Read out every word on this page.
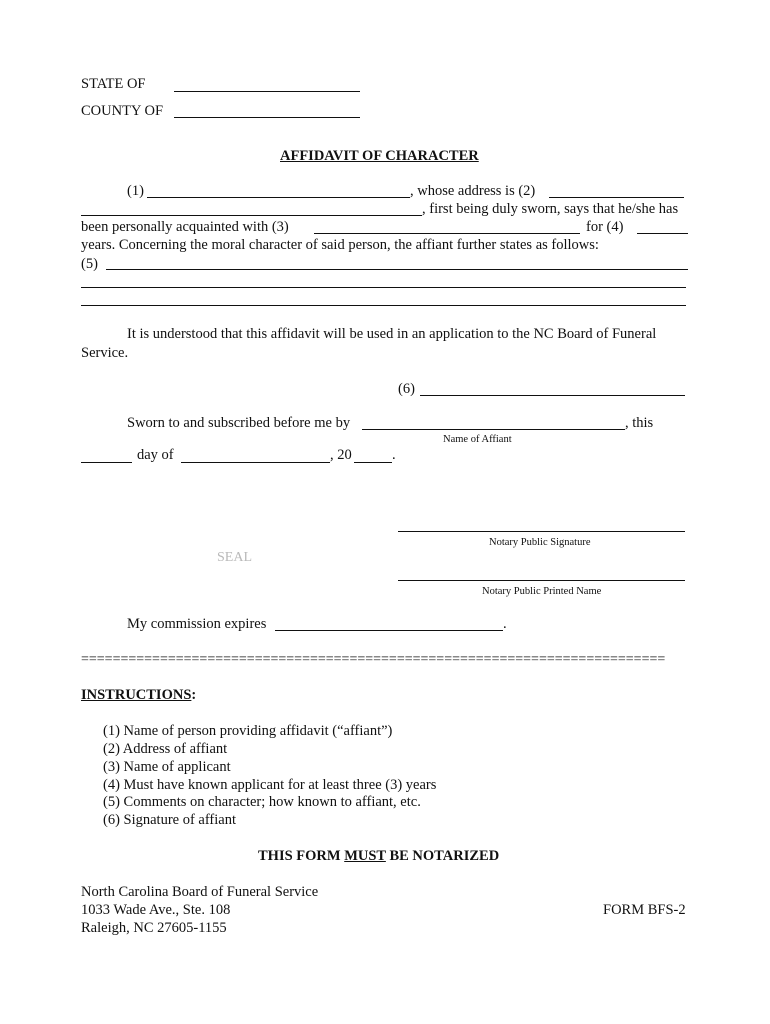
STATE OF
COUNTY OF
AFFIDAVIT OF CHARACTER
(1)	, whose address is (2)
, first being duly sworn, says that he/she has
been personally acquainted with (3)	for (4)
years. Concerning the moral character of said person, the affiant further states as follows:
(5)
It is understood that this affidavit will be used in an application to the NC Board of Funeral
Service.
(6)
Sworn to and subscribed before me by	, this
Name of Affiant
day of	, 20	.
Notary Public Signature
SEAL
Notary Public Printed Name
My commission expires	.
==========================================================================
INSTRUCTIONS:
(1) Name of person providing affidavit (“affiant”)
(2) Address of affiant
(3) Name of applicant
(4) Must have known applicant for at least three (3) years
(5) Comments on character; how known to affiant, etc.
(6) Signature of affiant
THIS FORM MUST BE NOTARIZED
North Carolina Board of Funeral Service
1033 Wade Ave., Ste. 108	FORM BFS-2
Raleigh, NC 27605-1155
